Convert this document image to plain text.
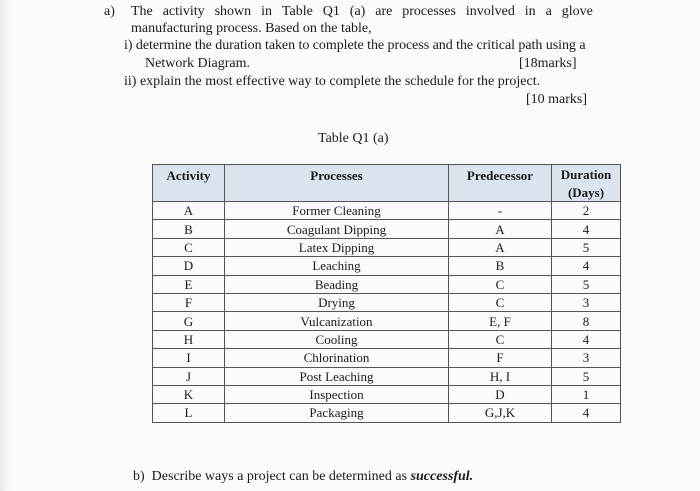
a) The activity shown in Table Q1 (a) are processes involved in a glove
manufacturing process. Based on the table,
i) determine the duration taken to complete the process and the critical path using a
Network Diagram.	[18marks]
ii) explain the most effective way to complete the schedule for the project.
[10 marks]
Table Q1 (a)
Activity	Processes	Predecessor	Duration
			(Days)
A	Former Cleaning	-	2
B	Coagulant Dipping	A	4
C	Latex Dipping	A	5
D	Leaching	B	4
E	Beading	C	5
F	Drying	C	3
G	Vulcanization	E, F	8
H	Cooling	C	4
I	Chlorination	F	3
J	Post Leaching	H, I	5
K	Inspection	D	1
L	Packaging	G,J,K	4
b) Describe ways a project can be determined as successful.
